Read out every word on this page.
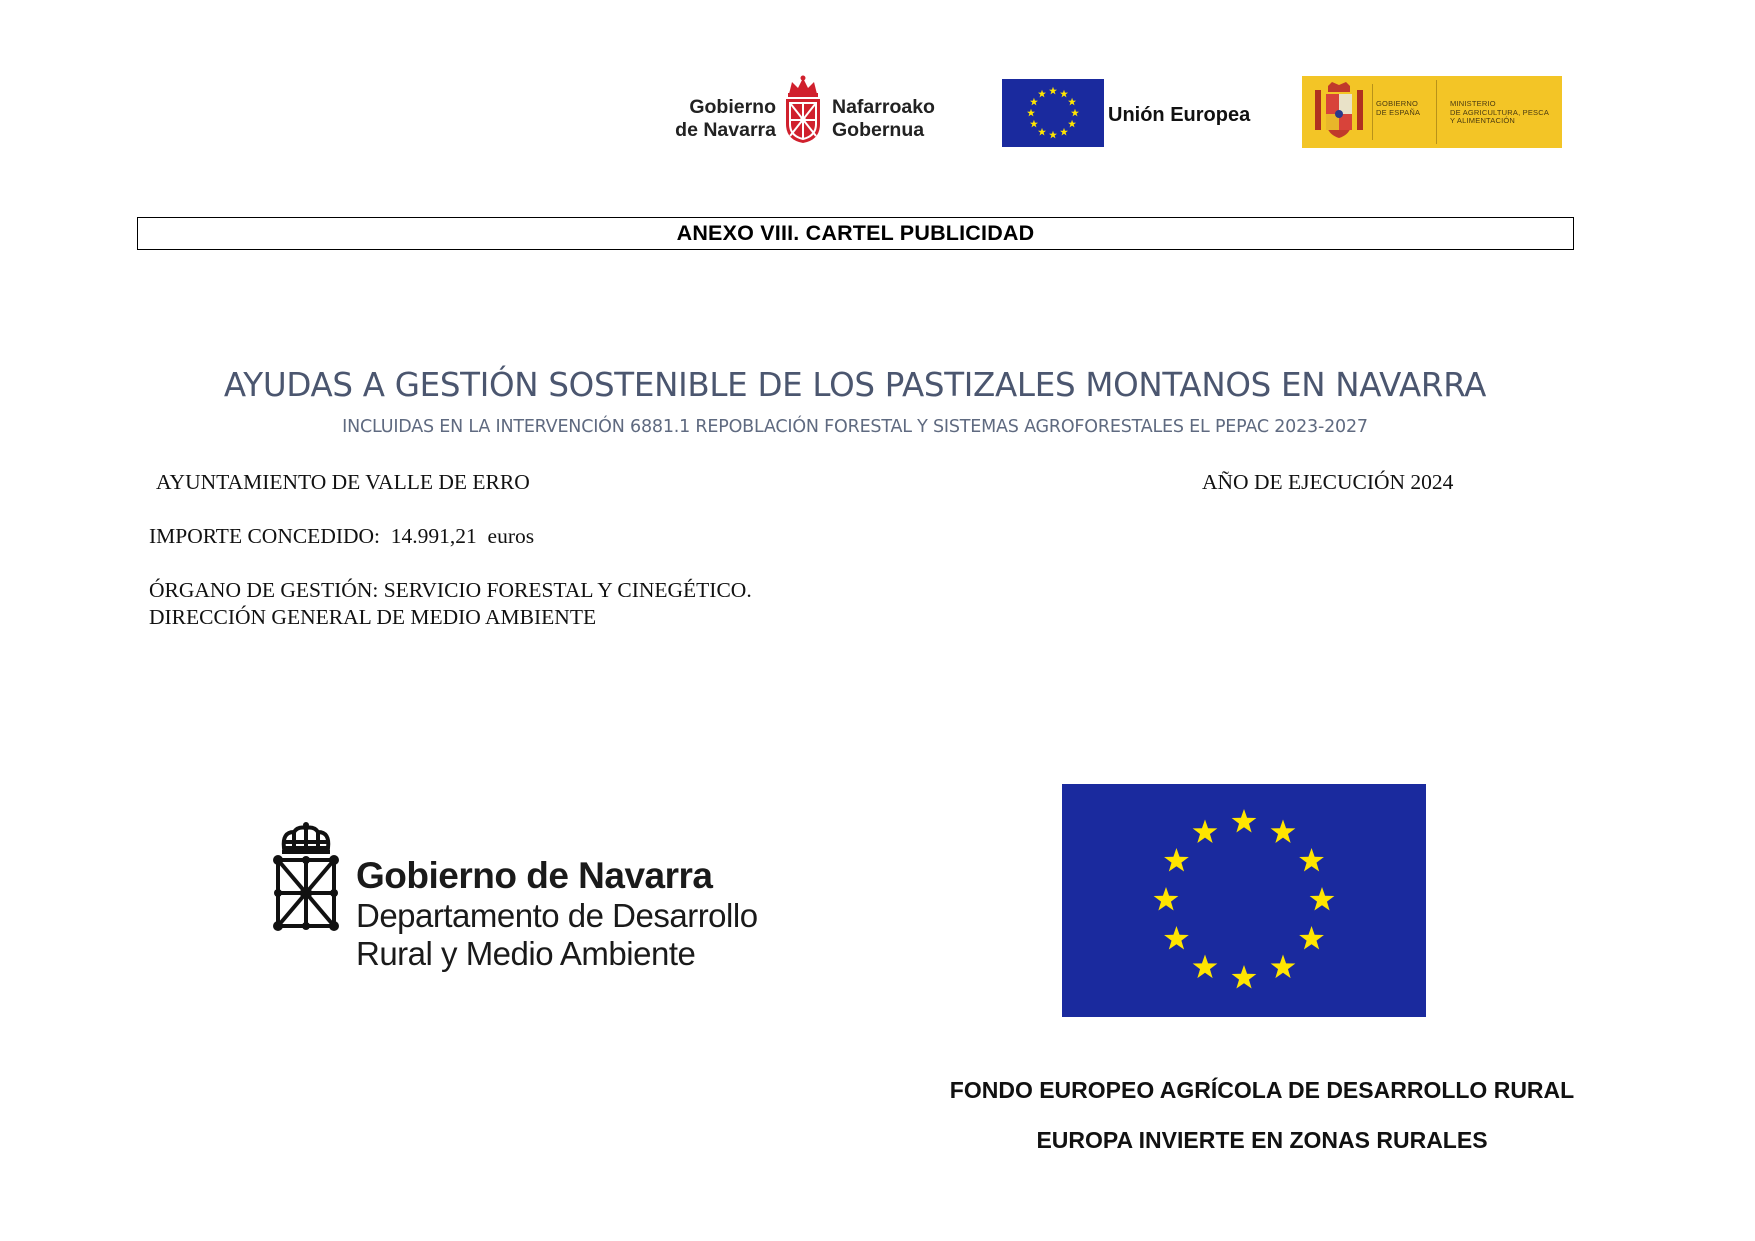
Gobierno
de Navarra
Nafarroako
Gobernua
Unión Europea
GOBIERNO
DE ESPAÑA
MINISTERIO
DE AGRICULTURA, PESCA
Y ALIMENTACIÓN
ANEXO VIII. CARTEL PUBLICIDAD
AYUDAS A GESTIÓN SOSTENIBLE DE LOS PASTIZALES MONTANOS EN NAVARRA
INCLUIDAS EN LA INTERVENCIÓN 6881.1 REPOBLACIÓN FORESTAL Y SISTEMAS AGROFORESTALES EL PEPAC 2023-2027
AYUNTAMIENTO DE VALLE DE ERRO	AÑO DE EJECUCIÓN 2024
IMPORTE CONCEDIDO:  14.991,21  euros
ÓRGANO DE GESTIÓN: SERVICIO FORESTAL Y CINEGÉTICO.
DIRECCIÓN GENERAL DE MEDIO AMBIENTE
Gobierno de Navarra
Departamento de Desarrollo
Rural y Medio Ambiente
FONDO EUROPEO AGRÍCOLA DE DESARROLLO RURAL
EUROPA INVIERTE EN ZONAS RURALES
